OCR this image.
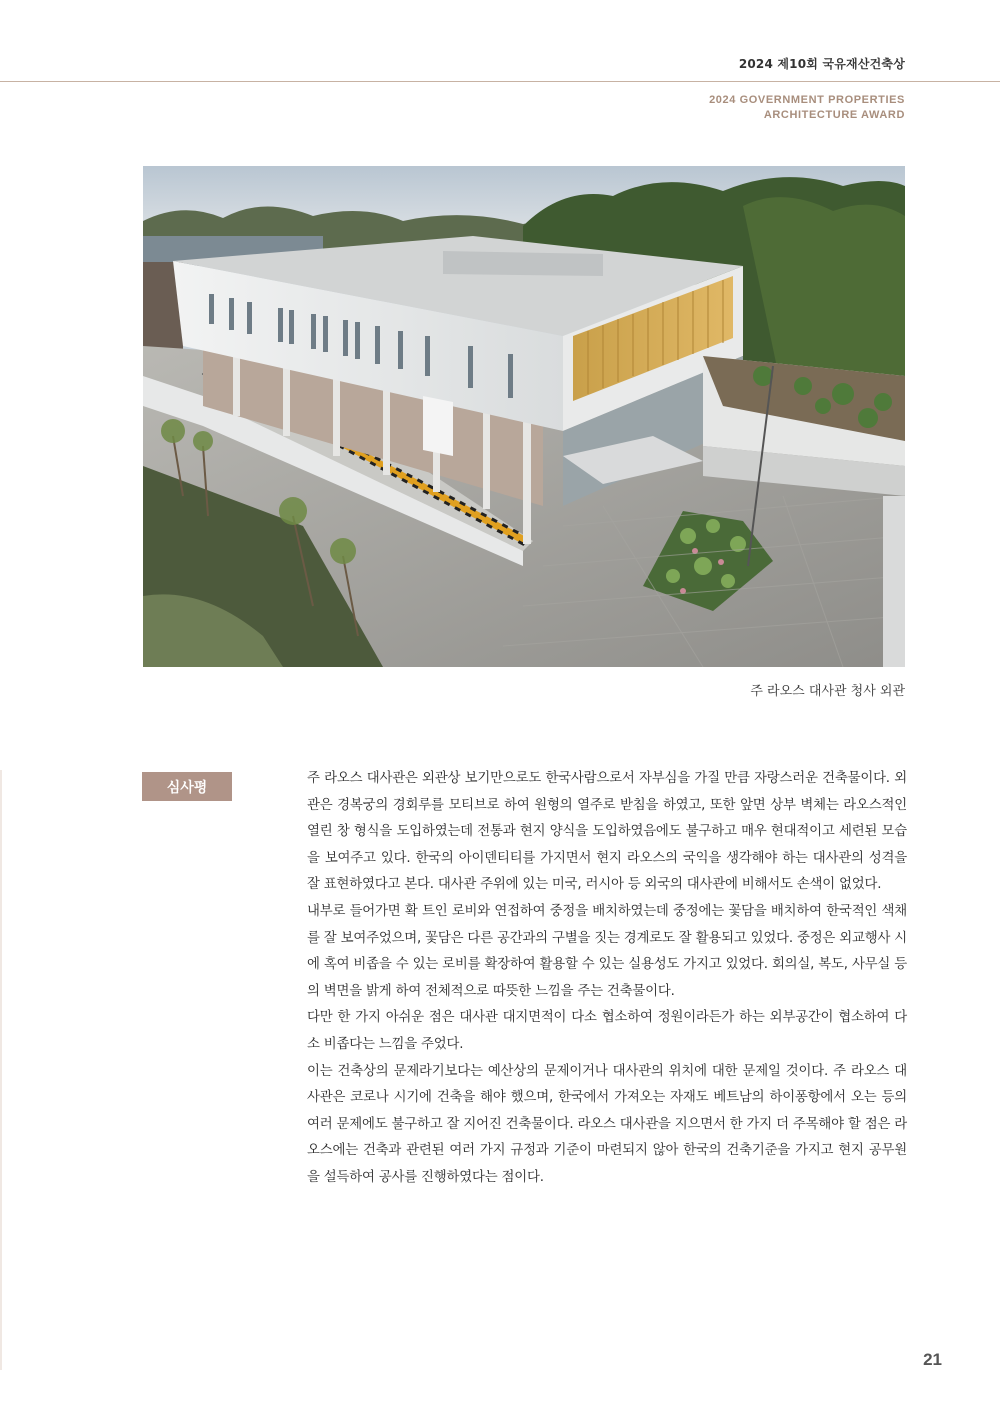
2024 제10회 국유재산건축상
2024 GOVERNMENT PROPERTIES
ARCHITECTURE AWARD
주 라오스 대사관 청사 외관
심사평

주 라오스 대사관은 외관상 보기만으로도 한국사람으로서 자부심을 가질 만큼 자랑스러운 건축물이다. 외관은 경복궁의 경회루를 모티브로 하여 원형의 열주로 받침을 하였고, 또한 앞면 상부 벽체는 라오스적인 열린 창 형식을 도입하였는데 전통과 현지 양식을 도입하였음에도 불구하고 매우 현대적이고 세련된 모습을 보여주고 있다. 한국의 아이덴티티를 가지면서 현지 라오스의 국익을 생각해야 하는 대사관의 성격을 잘 표현하였다고 본다. 대사관 주위에 있는 미국, 러시아 등 외국의 대사관에 비해서도 손색이 없었다.

내부로 들어가면 확 트인 로비와 연접하여 중정을 배치하였는데 중정에는 꽃담을 배치하여 한국적인 색채를 잘 보여주었으며, 꽃담은 다른 공간과의 구별을 짓는 경계로도 잘 활용되고 있었다. 중정은 외교행사 시에 혹여 비좁을 수 있는 로비를 확장하여 활용할 수 있는 실용성도 가지고 있었다. 회의실, 복도, 사무실 등의 벽면을 밝게 하여 전체적으로 따뜻한 느낌을 주는 건축물이다.

다만 한 가지 아쉬운 점은 대사관 대지면적이 다소 협소하여 정원이라든가 하는 외부공간이 협소하여 다소 비좁다는 느낌을 주었다.

이는 건축상의 문제라기보다는 예산상의 문제이거나 대사관의 위치에 대한 문제일 것이다. 주 라오스 대사관은 코로나 시기에 건축을 해야 했으며, 한국에서 가져오는 자재도 베트남의 하이퐁항에서 오는 등의 여러 문제에도 불구하고 잘 지어진 건축물이다. 라오스 대사관을 지으면서 한 가지 더 주목해야 할 점은 라오스에는 건축과 관련된 여러 가지 규정과 기준이 마련되지 않아 한국의 건축기준을 가지고 현지 공무원을 설득하여 공사를 진행하였다는 점이다.

21
